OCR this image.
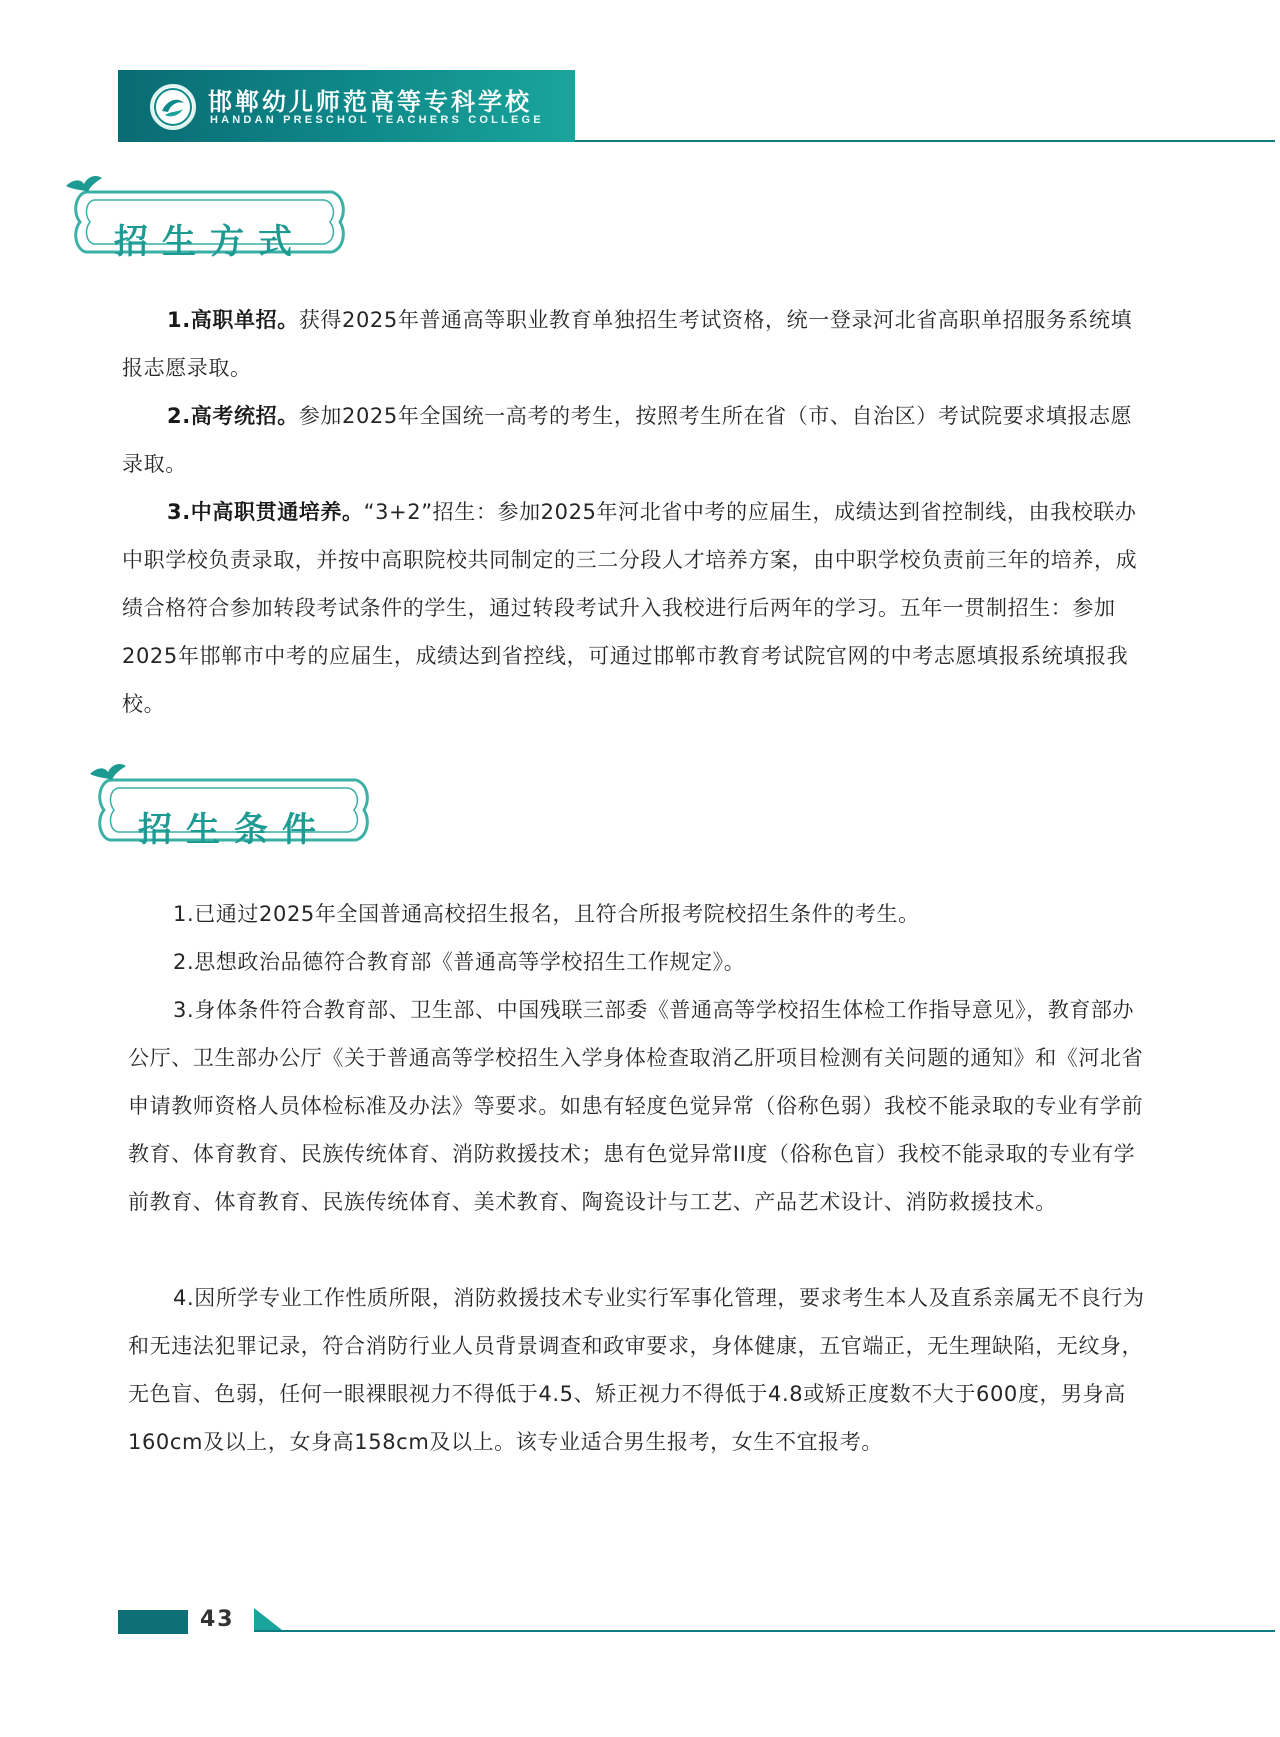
邯郸幼儿师范高等专科学校
HANDAN PRESCHOL TEACHERS COLLEGE
招生方式

1.高职单招。获得2025年普通高等职业教育单独招生考试资格，统一登录河北省高职单招服务系统填报志愿录取。

2.高考统招。参加2025年全国统一高考的考生，按照考生所在省（市、自治区）考试院要求填报志愿录取。

3.中高职贯通培养。“3+2”招生：参加2025年河北省中考的应届生，成绩达到省控制线，由我校联办中职学校负责录取，并按中高职院校共同制定的三二分段人才培养方案，由中职学校负责前三年的培养，成绩合格符合参加转段考试条件的学生，通过转段考试升入我校进行后两年的学习。五年一贯制招生：参加2025年邯郸市中考的应届生，成绩达到省控线，可通过邯郸市教育考试院官网的中考志愿填报系统填报我校。

招生条件

1.已通过2025年全国普通高校招生报名，且符合所报考院校招生条件的考生。

2.思想政治品德符合教育部《普通高等学校招生工作规定》。

3.身体条件符合教育部、卫生部、中国残联三部委《普通高等学校招生体检工作指导意见》，教育部办公厅、卫生部办公厅《关于普通高等学校招生入学身体检查取消乙肝项目检测有关问题的通知》和《河北省申请教师资格人员体检标准及办法》等要求。如患有轻度色觉异常（俗称色弱）我校不能录取的专业有学前教育、体育教育、民族传统体育、消防救援技术；患有色觉异常II度（俗称色盲）我校不能录取的专业有学前教育、体育教育、民族传统体育、美术教育、陶瓷设计与工艺、产品艺术设计、消防救援技术。

4.因所学专业工作性质所限，消防救援技术专业实行军事化管理，要求考生本人及直系亲属无不良行为和无违法犯罪记录，符合消防行业人员背景调查和政审要求，身体健康，五官端正，无生理缺陷，无纹身，无色盲、色弱，任何一眼裸眼视力不得低于4.5、矫正视力不得低于4.8或矫正度数不大于600度，男身高160cm及以上，女身高158cm及以上。该专业适合男生报考，女生不宜报考。

43
